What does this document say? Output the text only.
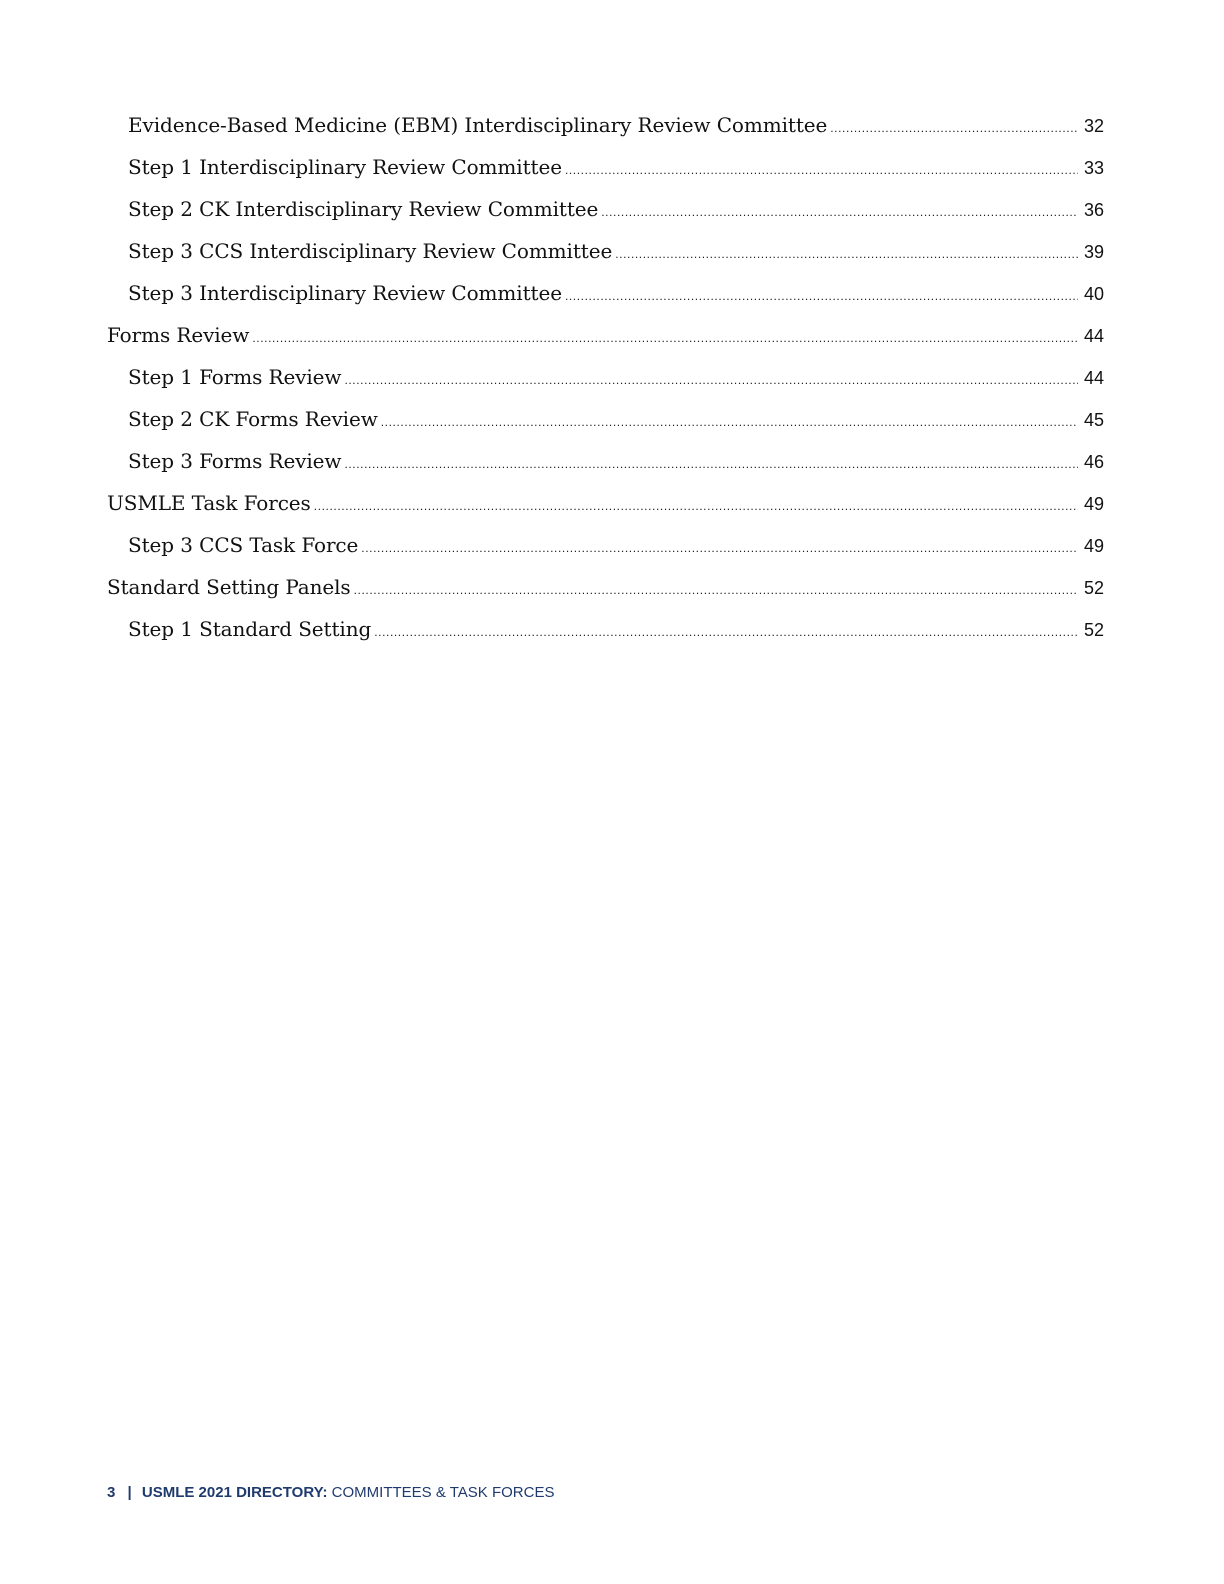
Evidence-Based Medicine (EBM) Interdisciplinary Review Committee .....	32
Step 1 Interdisciplinary Review Committee .....	33
Step 2 CK Interdisciplinary Review Committee .....	36
Step 3 CCS Interdisciplinary Review Committee .....	39
Step 3 Interdisciplinary Review Committee .....	40
Forms Review .....	44
Step 1 Forms Review .....	44
Step 2 CK Forms Review .....	45
Step 3 Forms Review .....	46
USMLE Task Forces .....	49
Step 3 CCS Task Force .....	49
Standard Setting Panels .....	52
Step 1 Standard Setting .....	52
3 | USMLE 2021 DIRECTORY: COMMITTEES & TASK FORCES
